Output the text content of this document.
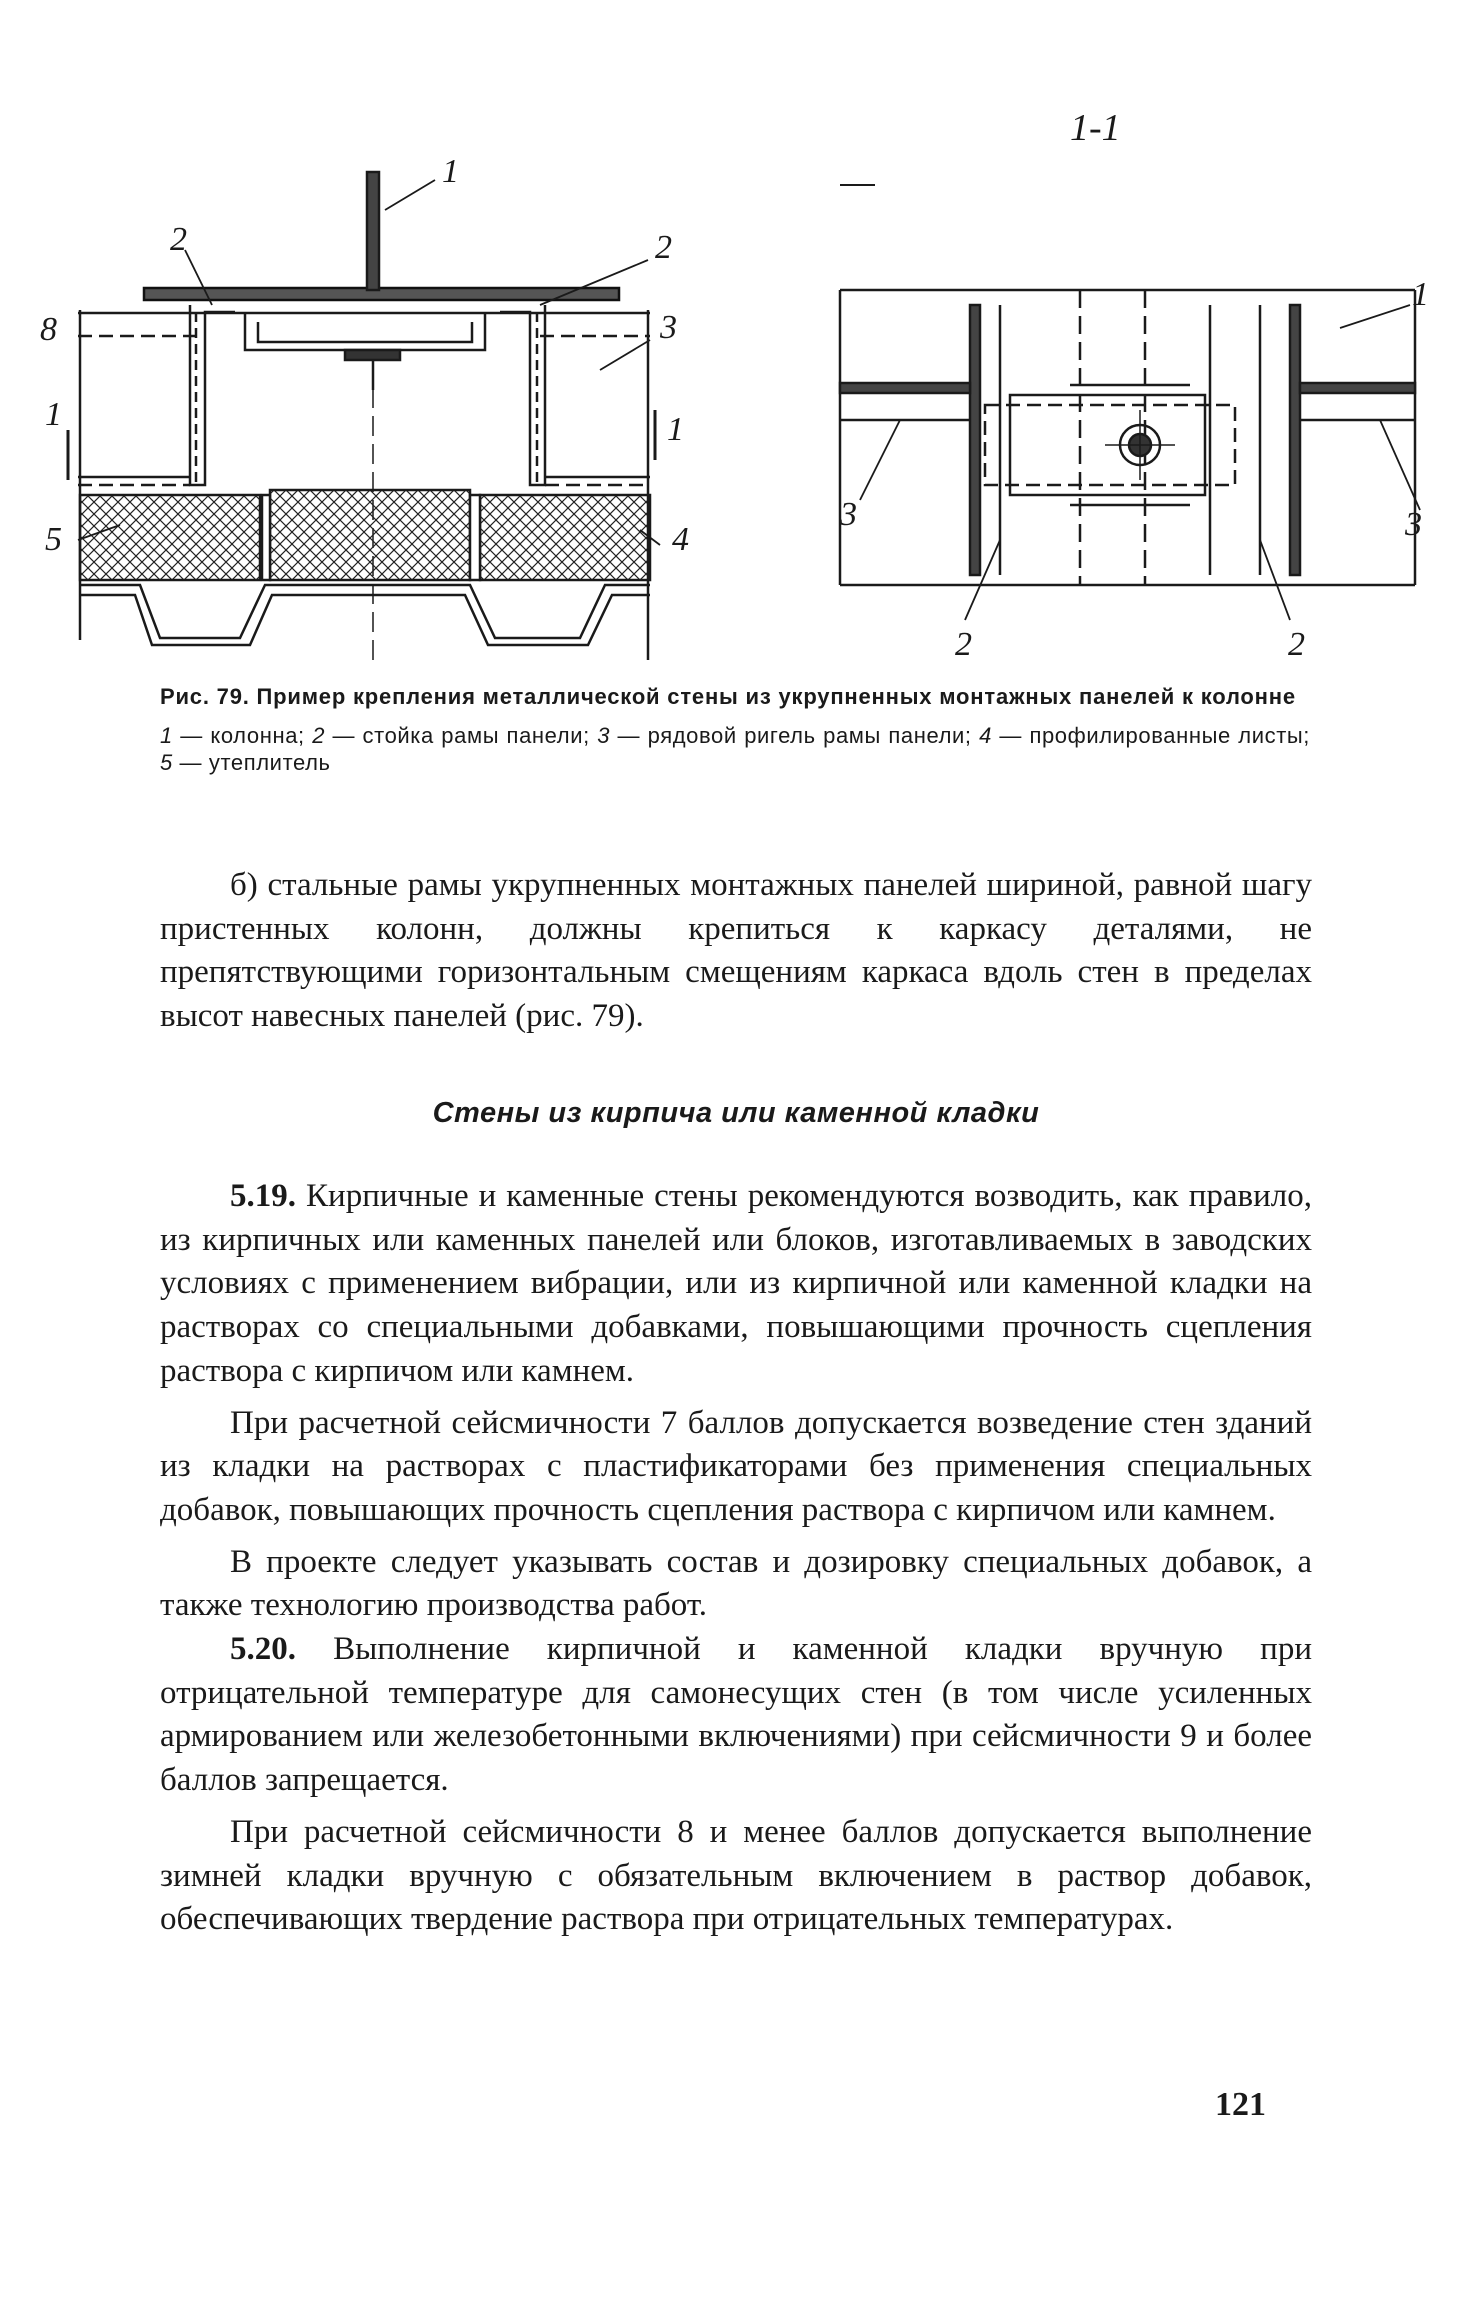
1
2	2
3
8
1	1
4
5
1-1
1
3	3
2	2

Рис. 79. Пример крепления металлической стены из укрупненных монтажных панелей к колонне

1 — колонна; 2 — стойка рамы панели; 3 — рядовой ригель рамы панели; 4 — профилированные листы; 5 — утеплитель

б) стальные рамы укрупненных монтажных панелей шириной, равной шагу пристенных колонн, должны крепиться к каркасу деталями, не препятствующими горизонтальным смещениям каркаса вдоль стен в пределах высот навесных панелей (рис. 79).

Стены из кирпича или каменной кладки

5.19. Кирпичные и каменные стены рекомендуются возводить, как правило, из кирпичных или каменных панелей или блоков, изготавливаемых в заводских условиях с применением вибрации, или из кирпичной или каменной кладки на растворах со специальными добавками, повышающими прочность сцепления раствора с кирпичом или камнем.

При расчетной сейсмичности 7 баллов допускается возведение стен зданий из кладки на растворах с пластификаторами без применения специальных добавок, повышающих прочность сцепления раствора с кирпичом или камнем.

В проекте следует указывать состав и дозировку специальных добавок, а также технологию производства работ.

5.20. Выполнение кирпичной и каменной кладки вручную при отрицательной температуре для самонесущих стен (в том числе усиленных армированием или железобетонными включениями) при сейсмичности 9 и более баллов запрещается.

При расчетной сейсмичности 8 и менее баллов допускается выполнение зимней кладки вручную с обязательным включением в раствор добавок, обеспечивающих твердение раствора при отрицательных температурах.

121
